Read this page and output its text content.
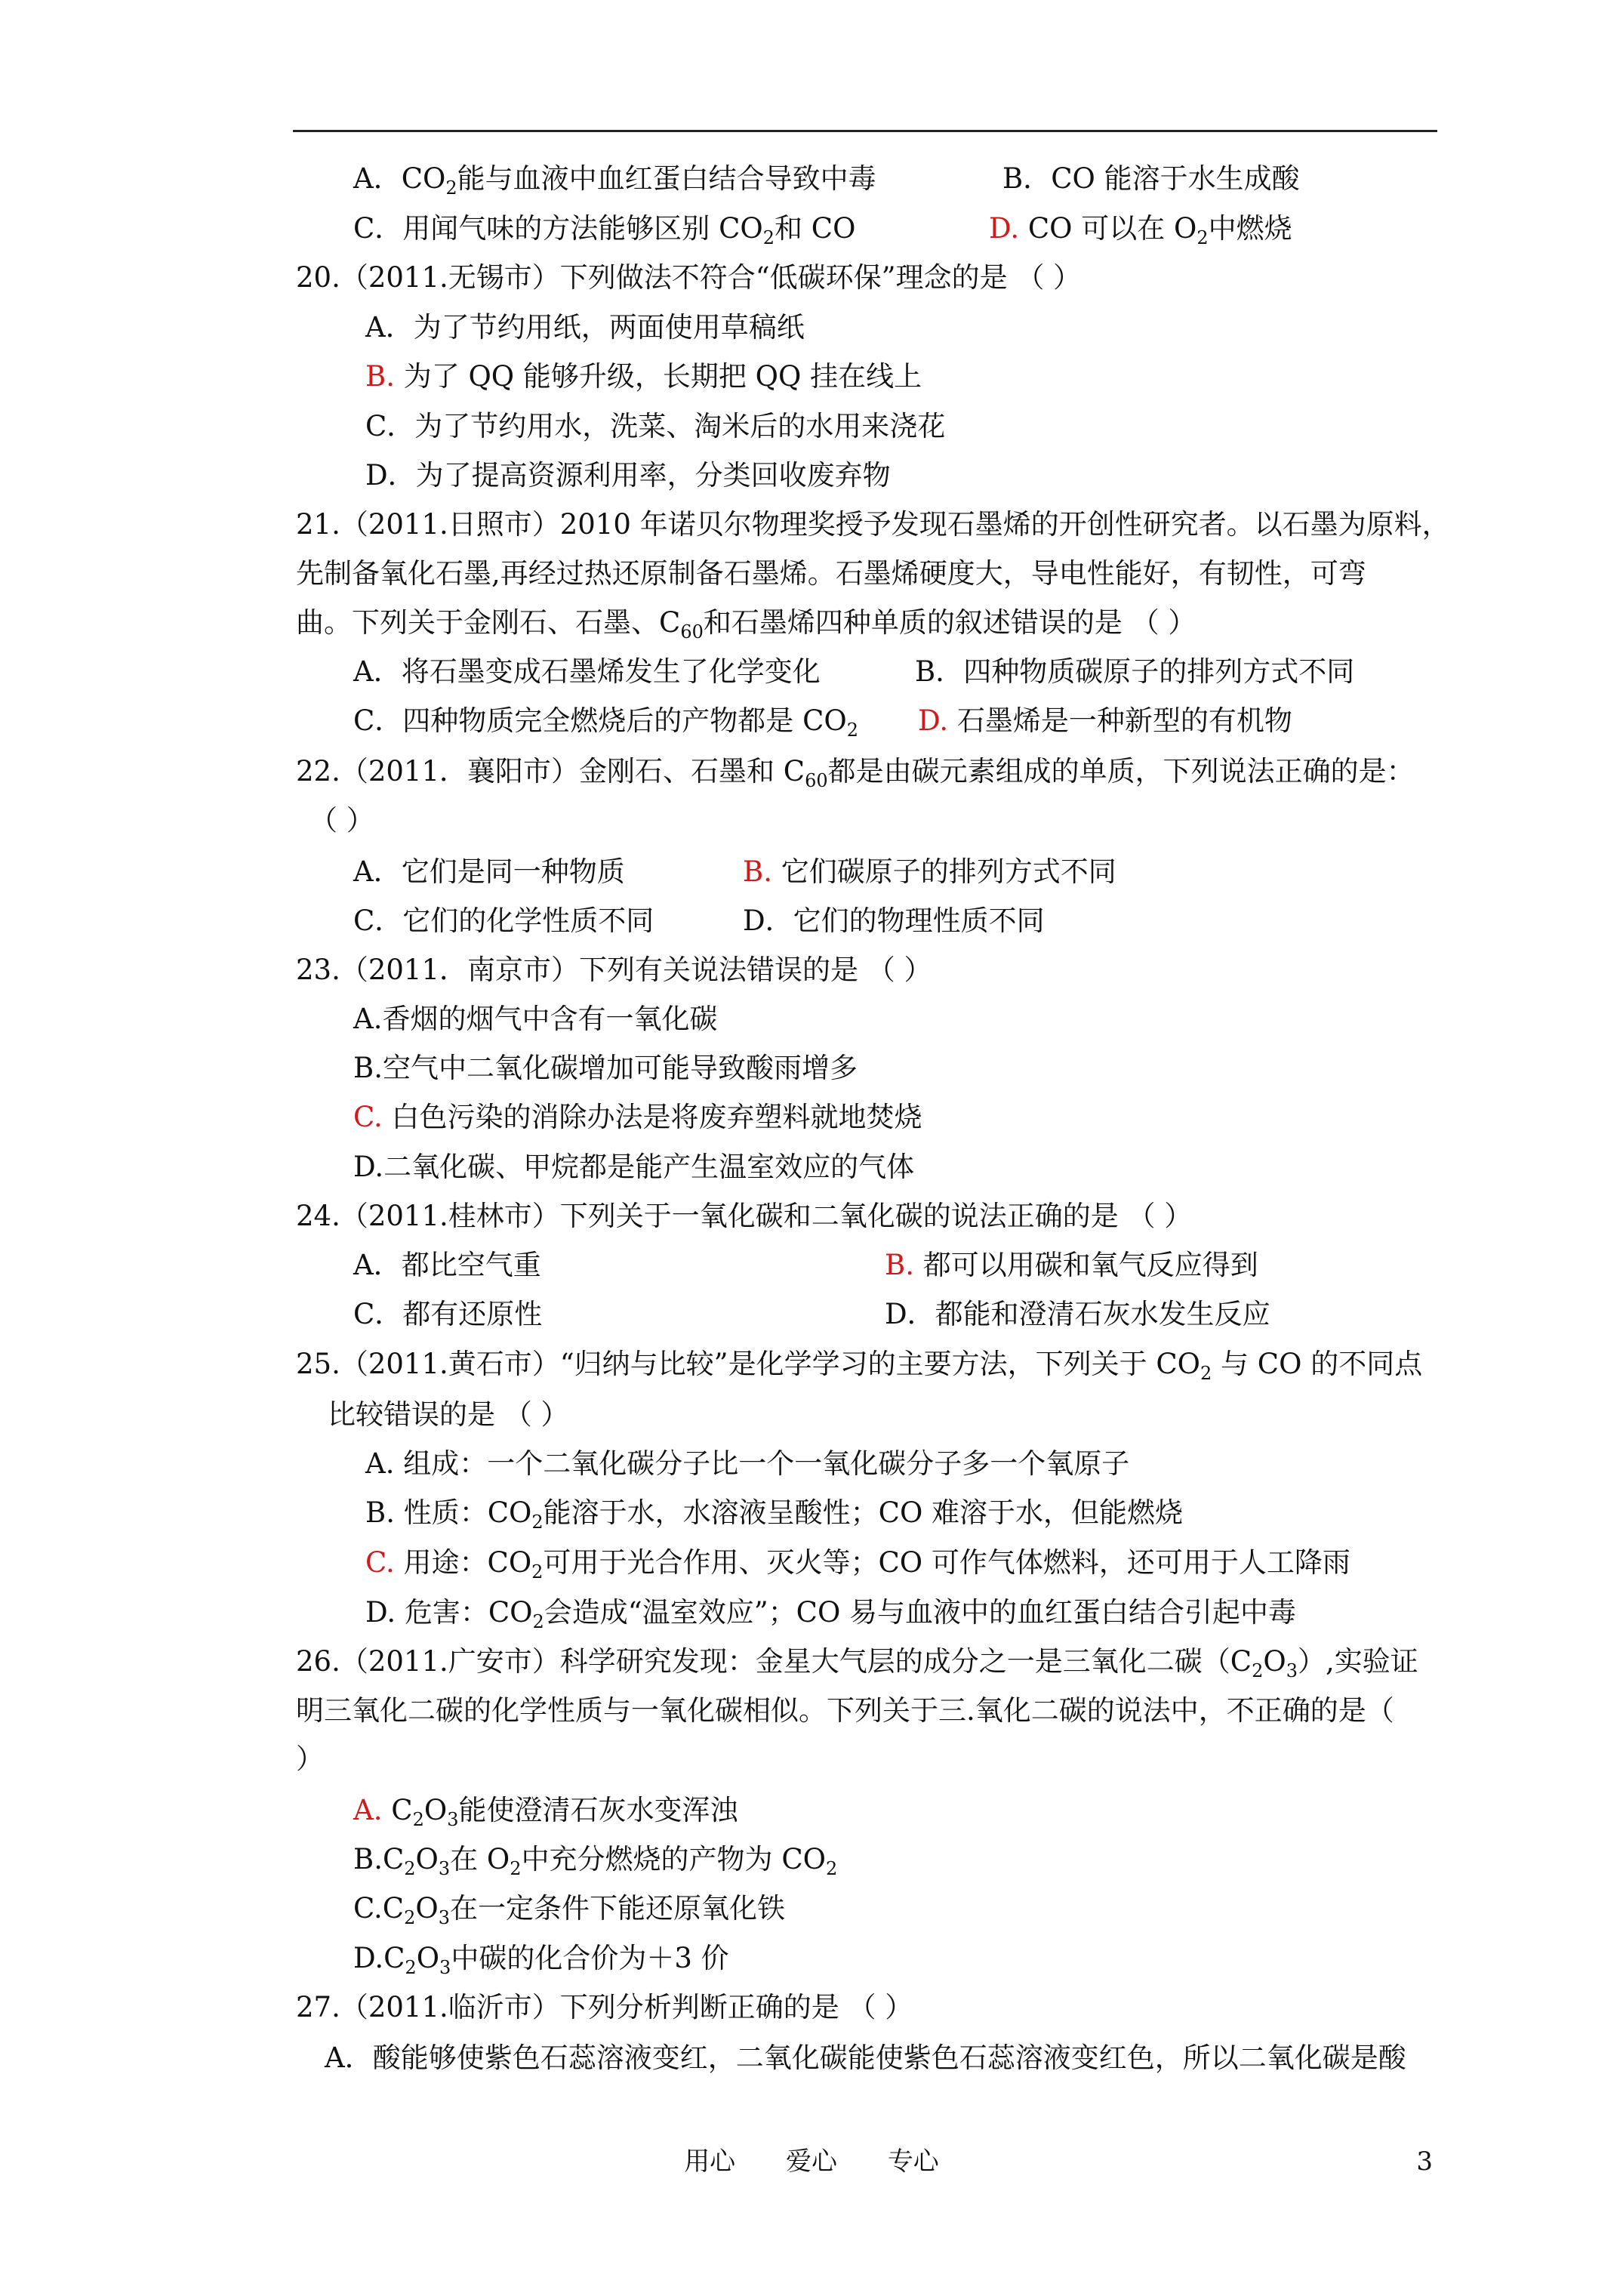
A．$CO_2$能与血液中血红蛋白结合导致中毒	B．CO 能溶于水生成酸
C．用闻气味的方法能够区别 $CO_2$和 CO	D. CO 可以在 $O_2$中燃烧
20.（2011.无锡市）下列做法不符合“低碳环保”理念的是 （ ）
A．为了节约用纸，两面使用草稿纸
B. 为了 QQ 能够升级，长期把 QQ 挂在线上
C．为了节约用水，洗菜、淘米后的水用来浇花
D．为了提高资源利用率，分类回收废弃物
21.（2011.日照市）2010 年诺贝尔物理奖授予发现石墨烯的开创性研究者。以石墨为原料，
先制备氧化石墨,再经过热还原制备石墨烯。石墨烯硬度大，导电性能好，有韧性，可弯
曲。下列关于金刚石、石墨、$C_{60}$和石墨烯四种单质的叙述错误的是 （ ）
A．将石墨变成石墨烯发生了化学变化	B．四种物质碳原子的排列方式不同
C．四种物质完全燃烧后的产物都是 $CO_2$ D. 石墨烯是一种新型的有机物
22.（2011．襄阳市）金刚石、石墨和 $C_{60}$都是由碳元素组成的单质，下列说法正确的是：
（ ）
A．它们是同一种物质	B. 它们碳原子的排列方式不同
C．它们的化学性质不同	D．它们的物理性质不同
23.（2011．南京市）下列有关说法错误的是 （ ）
A.香烟的烟气中含有一氧化碳
B.空气中二氧化碳增加可能导致酸雨增多
C. 白色污染的消除办法是将废弃塑料就地焚烧
D.二氧化碳、甲烷都是能产生温室效应的气体
24.（2011.桂林市）下列关于一氧化碳和二氧化碳的说法正确的是 （ ）
A．都比空气重	B. 都可以用碳和氧气反应得到
C．都有还原性	D．都能和澄清石灰水发生反应
25.（2011.黄石市）“归纳与比较”是化学学习的主要方法，下列关于 $CO_2$ 与 CO 的不同点
比较错误的是 （ ）
A. 组成：一个二氧化碳分子比一个一氧化碳分子多一个氧原子
B. 性质：$CO_2$能溶于水，水溶液呈酸性；CO 难溶于水，但能燃烧
C. 用途：$CO_2$可用于光合作用、灭火等；CO 可作气体燃料，还可用于人工降雨
D. 危害：$CO_2$会造成“温室效应”；CO 易与血液中的血红蛋白结合引起中毒
26.（2011.广安市）科学研究发现：金星大气层的成分之一是三氧化二碳$(C_2O_3)$,实验证
明三氧化二碳的化学性质与一氧化碳相似。下列关于三.氧化二碳的说法中，不正确的是（
）
A. $C_2O_3$能使澄清石灰水变浑浊
$B.C_2O_3$在 $O_2$中充分燃烧的产物为 $CO_2$
$C.C_2O_3$在一定条件下能还原氧化铁
$D.C_2O_3$中碳的化合价为＋3 价
27.（2011.临沂市）下列分析判断正确的是 （ ）
A．酸能够使紫色石蕊溶液变红，二氧化碳能使紫色石蕊溶液变红色，所以二氧化碳是酸
用心 爱心 专心	3
